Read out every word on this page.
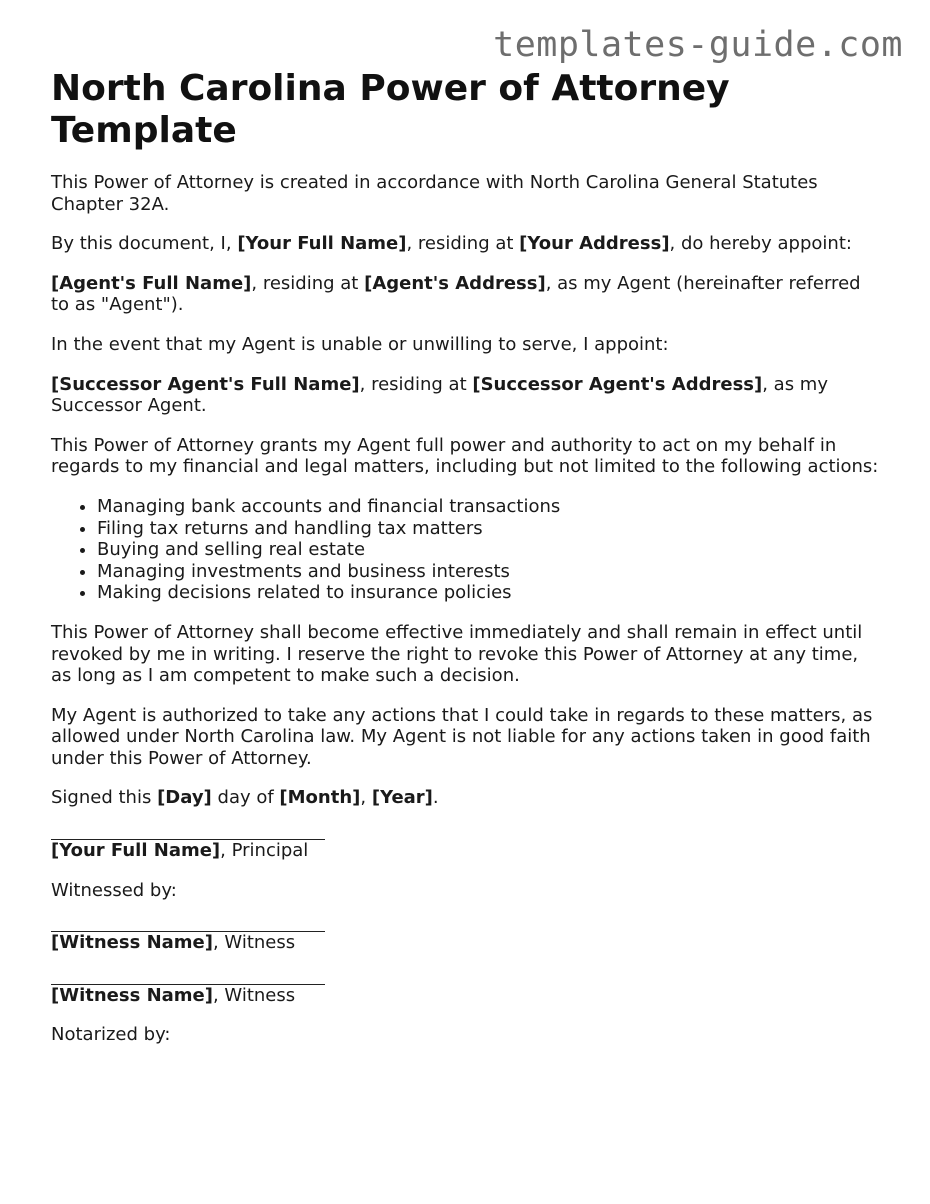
templates-guide.com

North Carolina Power of Attorney Template

This Power of Attorney is created in accordance with North Carolina General Statutes Chapter 32A.

By this document, I, [Your Full Name], residing at [Your Address], do hereby appoint:

[Agent's Full Name], residing at [Agent's Address], as my Agent (hereinafter referred to as "Agent").

In the event that my Agent is unable or unwilling to serve, I appoint:

[Successor Agent's Full Name], residing at [Successor Agent's Address], as my Successor Agent.

This Power of Attorney grants my Agent full power and authority to act on my behalf in regards to my financial and legal matters, including but not limited to the following actions:

• Managing bank accounts and financial transactions
• Filing tax returns and handling tax matters
• Buying and selling real estate
• Managing investments and business interests
• Making decisions related to insurance policies

This Power of Attorney shall become effective immediately and shall remain in effect until revoked by me in writing. I reserve the right to revoke this Power of Attorney at any time, as long as I am competent to make such a decision.

My Agent is authorized to take any actions that I could take in regards to these matters, as allowed under North Carolina law. My Agent is not liable for any actions taken in good faith under this Power of Attorney.

Signed this [Day] day of [Month], [Year].

[Your Full Name], Principal

Witnessed by:

[Witness Name], Witness

[Witness Name], Witness

Notarized by:
